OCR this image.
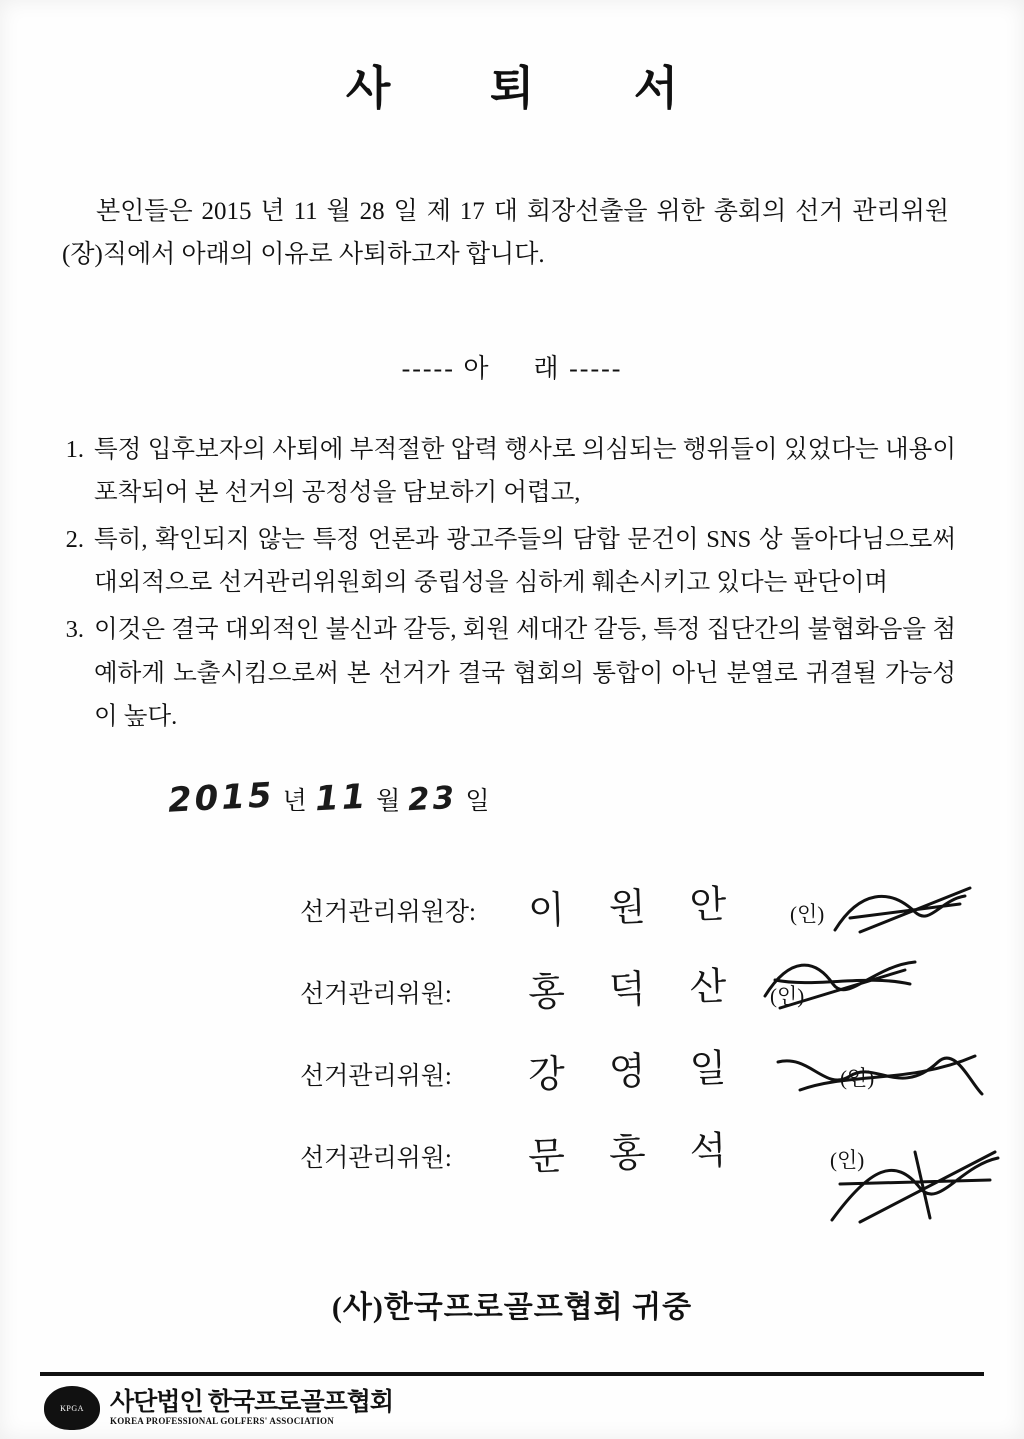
사 퇴 서
본인들은 2015 년 11 월 28 일 제 17 대 회장선출을 위한 총회의 선거 관리위원(장)직에서 아래의 이유로 사퇴하고자 합니다.
----- 아 래 -----
1. 특정 입후보자의 사퇴에 부적절한 압력 행사로 의심되는 행위들이 있었다는 내용이 포착되어 본 선거의 공정성을 담보하기 어렵고,
2. 특히, 확인되지 않는 특정 언론과 광고주들의 담합 문건이 SNS 상 돌아다님으로써 대외적으로 선거관리위원회의 중립성을 심하게 훼손시키고 있다는 판단이며
3. 이것은 결국 대외적인 불신과 갈등, 회원 세대간 갈등, 특정 집단간의 불협화음을 첨예하게 노출시킴으로써 본 선거가 결국 협회의 통합이 아닌 분열로 귀결될 가능성이 높다.
2015 년 11 월 23 일
선거관리위원장: 이 원 안 (인)
선거관리위원: 홍 덕 산 (인)
선거관리위원: 강 영 일	(인)
선거관리위원: 문 홍 석	(인)
(사)한국프로골프협회 귀중
KPGA	사단법인 한국프로골프협회
KOREA PROFESSIONAL GOLFERS' ASSOCIATION
